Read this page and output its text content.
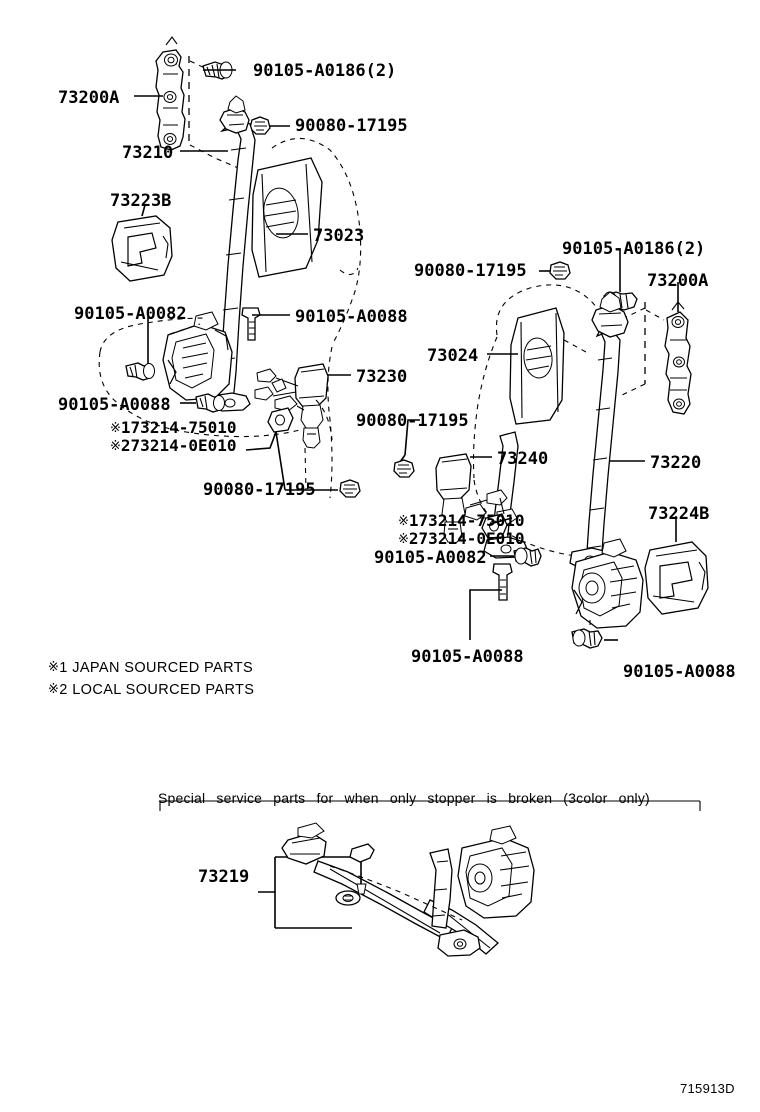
90105-A0186(2)
73200A
90080-17195
73210
73223B
73023
90105-A0082	90105-A0088
73230
90105-A0088
90080-17195
90080-17195
※173214-75010
※273214-0E010
90105-A0186(2)
90080-17195	73200A
73024
73240	73220
73224B
90105-A0082
90105-A0088
90105-A0088
※173214-75010
※273214-0E010
※1 JAPAN SOURCED PARTS
※2 LOCAL SOURCED PARTS
Special service parts for when only stopper is broken (3color only)
73219
715913D
